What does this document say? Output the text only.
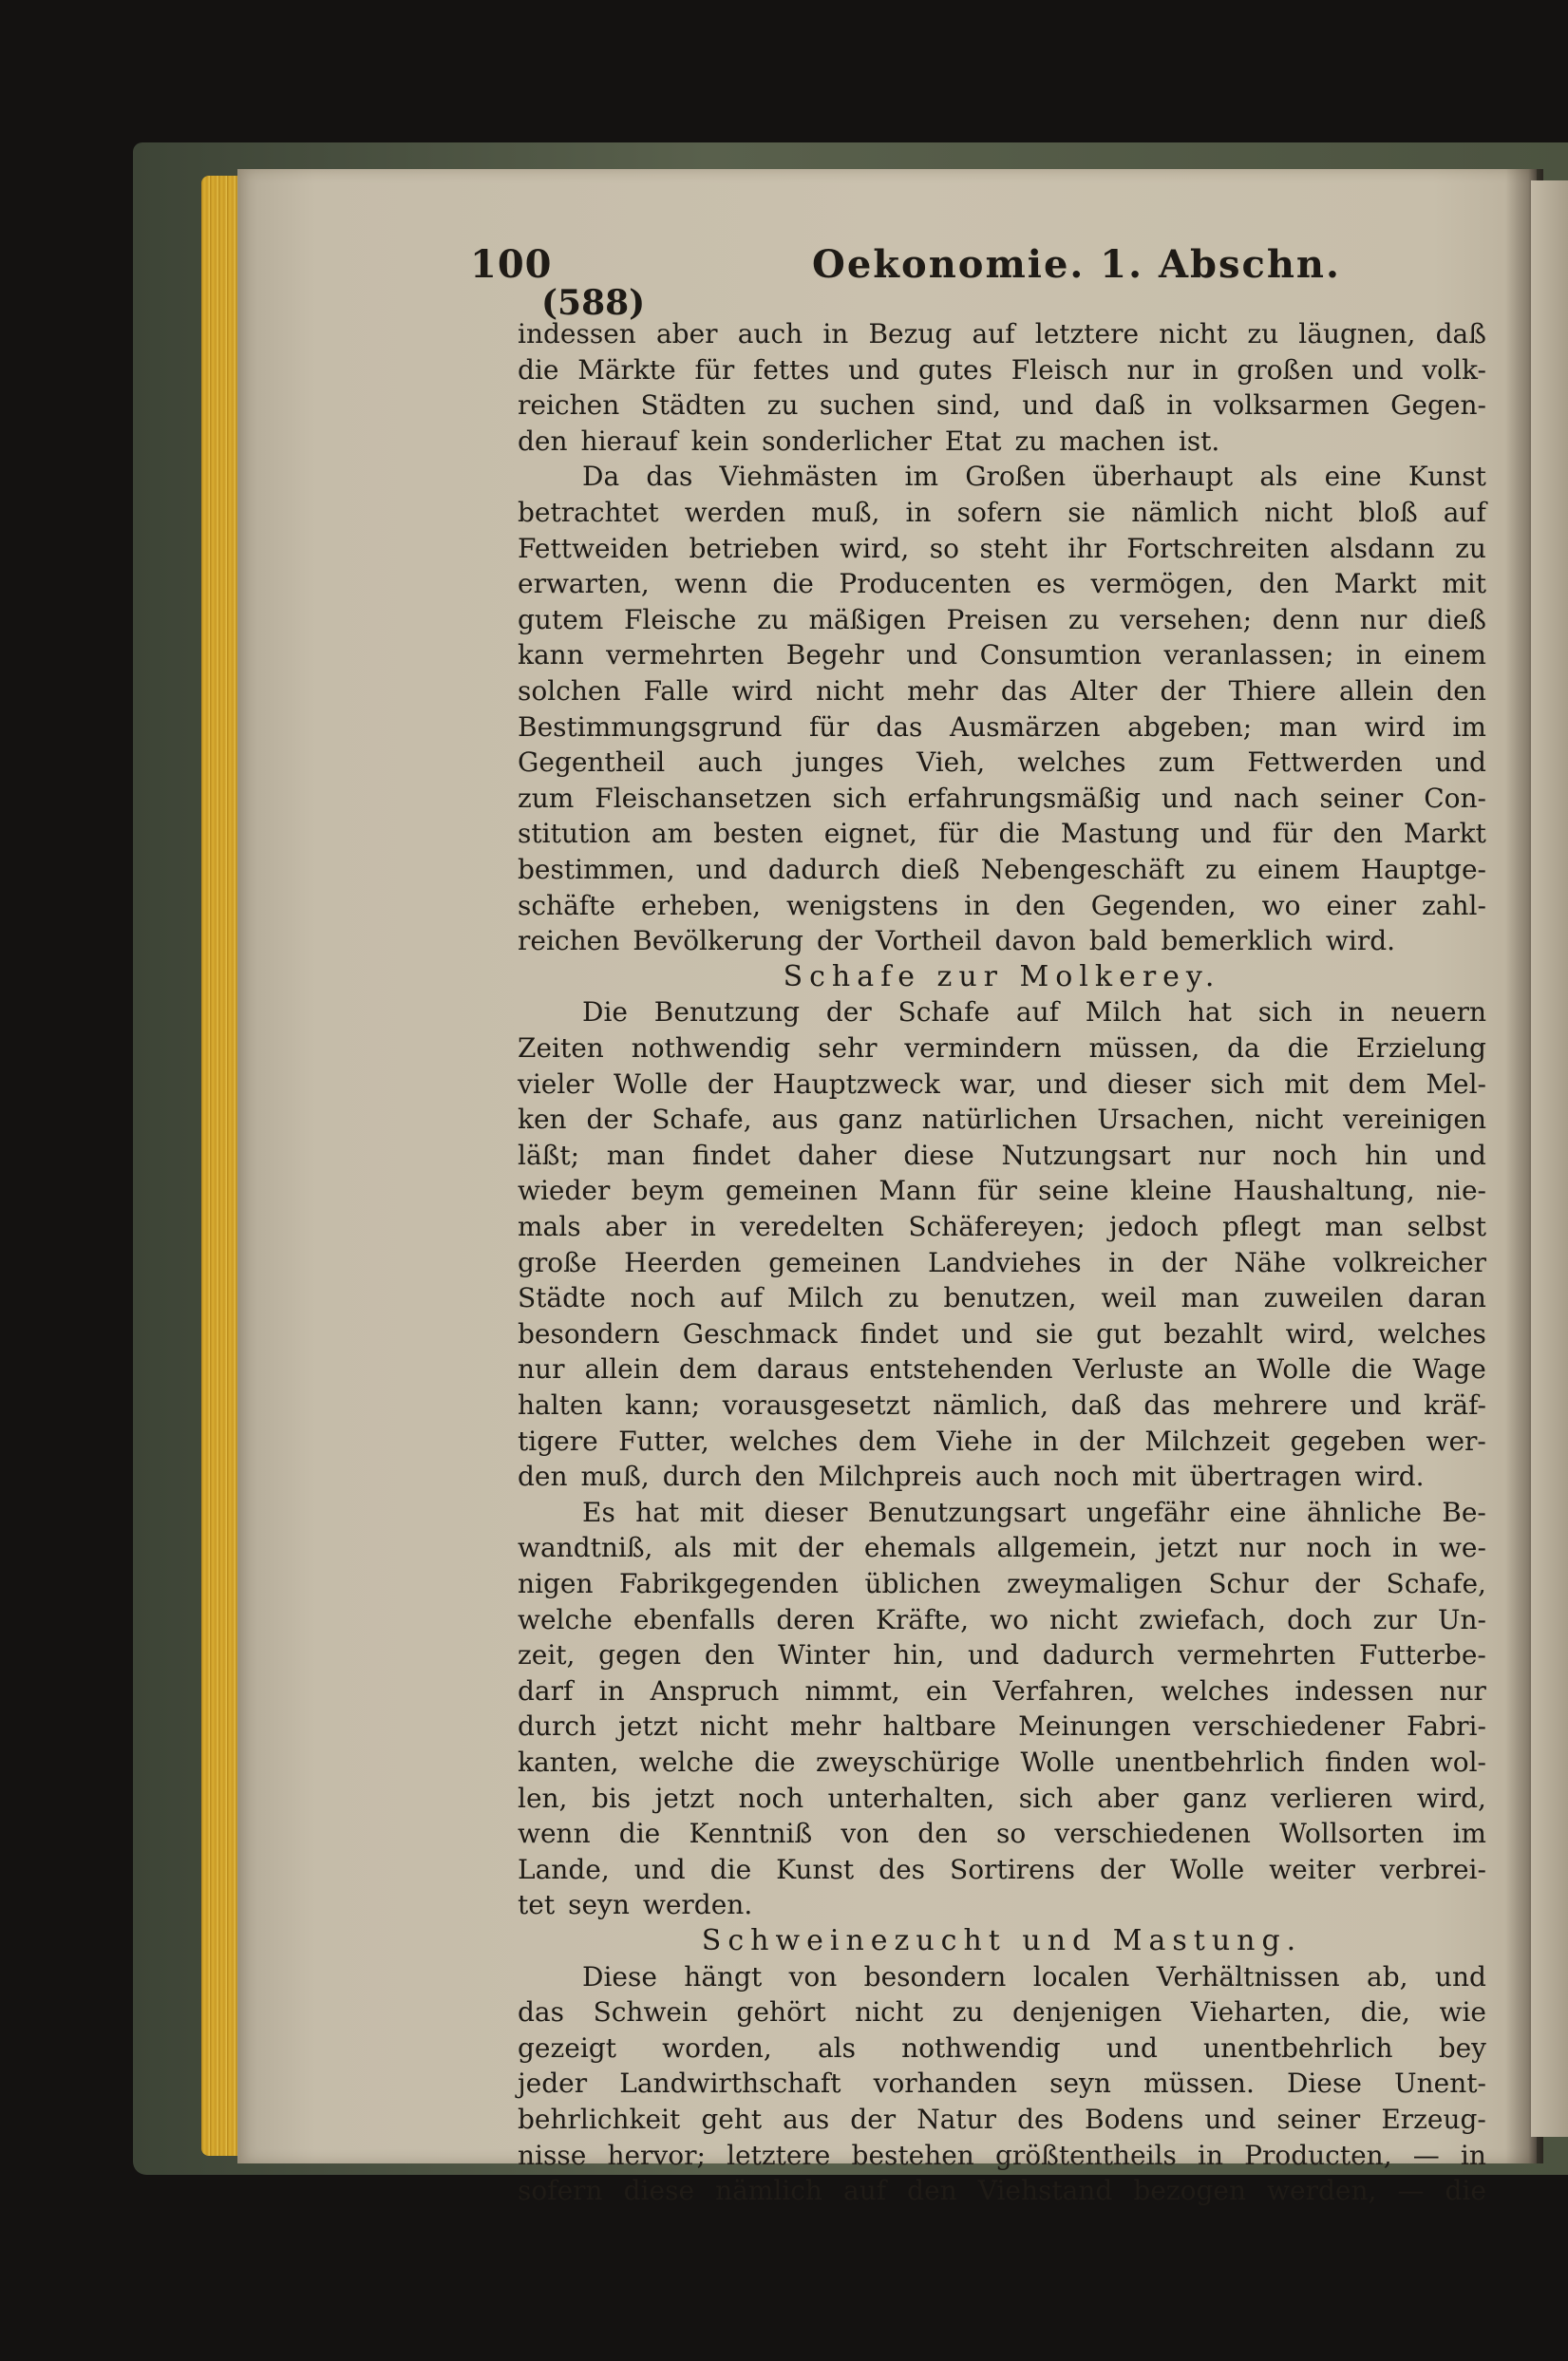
100	Oekonomie. 1. Abschn.
(588)
indessen aber auch in Bezug auf letztere nicht zu läugnen, daß
die Märkte für fettes und gutes Fleisch nur in großen und volk-
reichen Städten zu suchen sind, und daß in volksarmen Gegen-
den hierauf kein sonderlicher Etat zu machen ist.
Da das Viehmästen im Großen überhaupt als eine Kunst
betrachtet werden muß, in sofern sie nämlich nicht bloß auf
Fettweiden betrieben wird, so steht ihr Fortschreiten alsdann zu
erwarten, wenn die Producenten es vermögen, den Markt mit
gutem Fleische zu mäßigen Preisen zu versehen; denn nur dieß
kann vermehrten Begehr und Consumtion veranlassen; in einem
solchen Falle wird nicht mehr das Alter der Thiere allein den
Bestimmungsgrund für das Ausmärzen abgeben; man wird im
Gegentheil auch junges Vieh, welches zum Fettwerden und
zum Fleischansetzen sich erfahrungsmäßig und nach seiner Con-
stitution am besten eignet, für die Mastung und für den Markt
bestimmen, und dadurch dieß Nebengeschäft zu einem Hauptge-
schäfte erheben, wenigstens in den Gegenden, wo einer zahl-
reichen Bevölkerung der Vortheil davon bald bemerklich wird.
Schafe zur Molkerey.
Die Benutzung der Schafe auf Milch hat sich in neuern
Zeiten nothwendig sehr vermindern müssen, da die Erzielung
vieler Wolle der Hauptzweck war, und dieser sich mit dem Mel-
ken der Schafe, aus ganz natürlichen Ursachen, nicht vereinigen
läßt; man findet daher diese Nutzungsart nur noch hin und
wieder beym gemeinen Mann für seine kleine Haushaltung, nie-
mals aber in veredelten Schäfereyen; jedoch pflegt man selbst
große Heerden gemeinen Landviehes in der Nähe volkreicher
Städte noch auf Milch zu benutzen, weil man zuweilen daran
besondern Geschmack findet und sie gut bezahlt wird, welches
nur allein dem daraus entstehenden Verluste an Wolle die Wage
halten kann; vorausgesetzt nämlich, daß das mehrere und kräf-
tigere Futter, welches dem Viehe in der Milchzeit gegeben wer-
den muß, durch den Milchpreis auch noch mit übertragen wird.
Es hat mit dieser Benutzungsart ungefähr eine ähnliche Be-
wandtniß, als mit der ehemals allgemein, jetzt nur noch in we-
nigen Fabrikgegenden üblichen zweymaligen Schur der Schafe,
welche ebenfalls deren Kräfte, wo nicht zwiefach, doch zur Un-
zeit, gegen den Winter hin, und dadurch vermehrten Futterbe-
darf in Anspruch nimmt, ein Verfahren, welches indessen nur
durch jetzt nicht mehr haltbare Meinungen verschiedener Fabri-
kanten, welche die zweyschürige Wolle unentbehrlich finden wol-
len, bis jetzt noch unterhalten, sich aber ganz verlieren wird,
wenn die Kenntniß von den so verschiedenen Wollsorten im
Lande, und die Kunst des Sortirens der Wolle weiter verbrei-
tet seyn werden.
Schweinezucht und Mastung.
Diese hängt von besondern localen Verhältnissen ab, und
das Schwein gehört nicht zu denjenigen Vieharten, die, wie
gezeigt worden, als nothwendig und unentbehrlich bey
jeder Landwirthschaft vorhanden seyn müssen. Diese Unent-
behrlichkeit geht aus der Natur des Bodens und seiner Erzeug-
nisse hervor; letztere bestehen größtentheils in Producten, — in
sofern diese nämlich auf den Viehstand bezogen werden, — die
